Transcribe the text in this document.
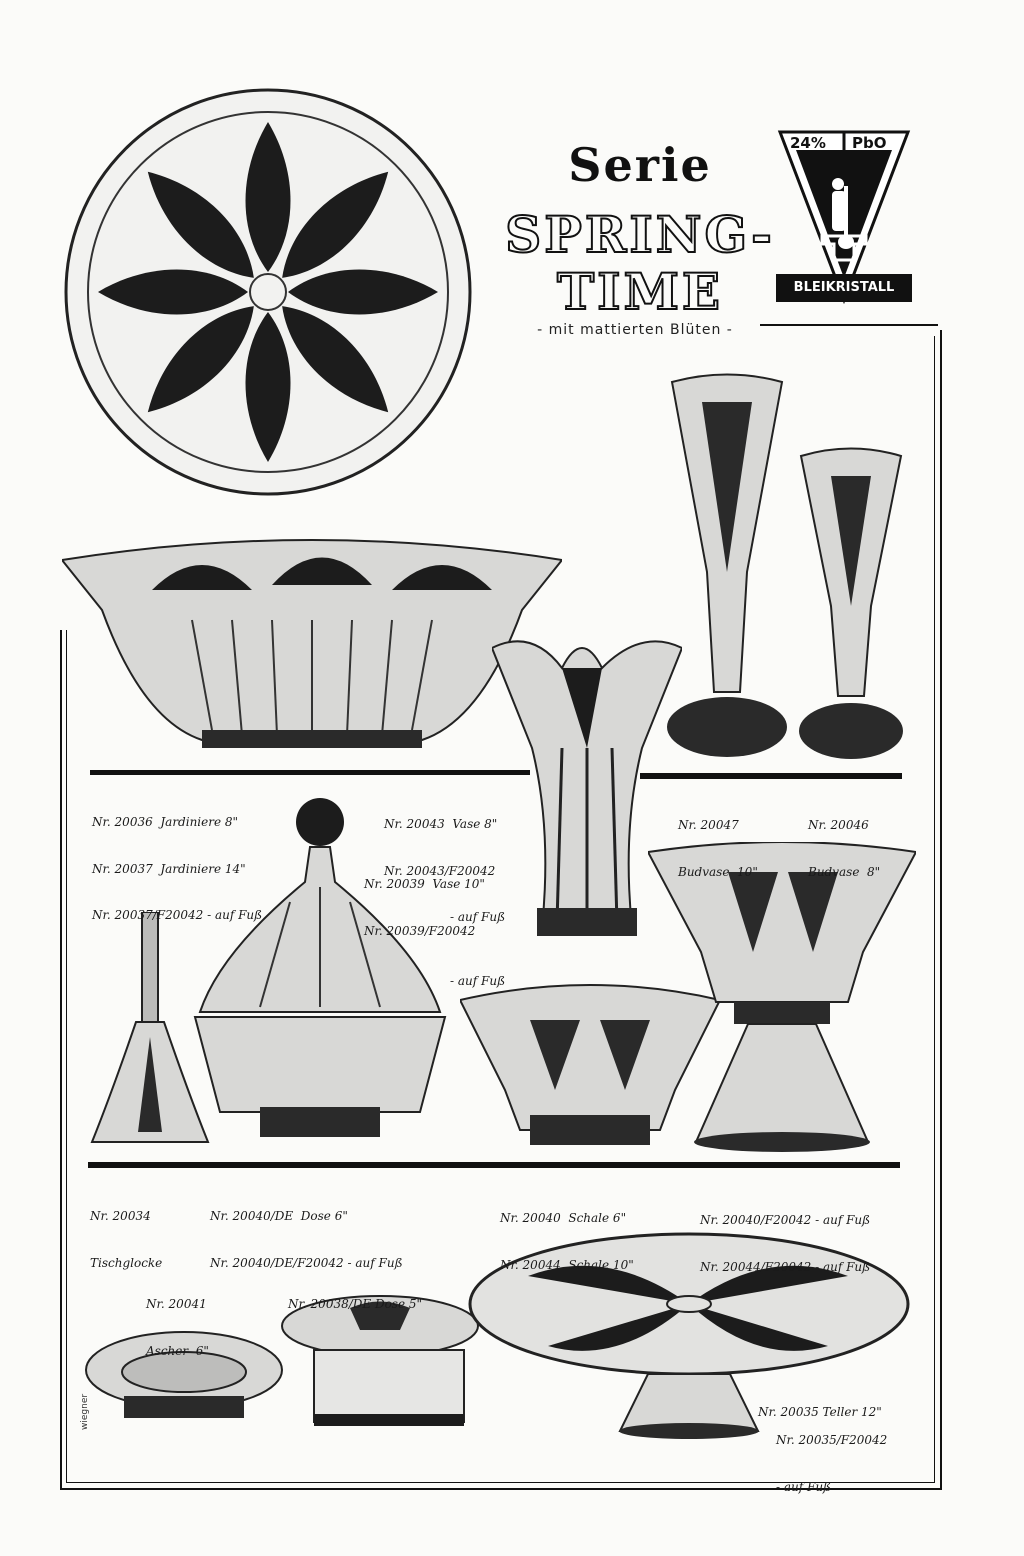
Serie
SPRING-
TIME
- mit mattierten Blüten -
24% PbO
BLEIKRISTALL

Nr. 20036  Jardiniere 8"

Nr. 20037  Jardiniere 14"

Nr. 20037/F20042 - auf Fuß

Nr. 20043  Vase 8"

Nr. 20043/F20042

- auf Fuß

Nr. 20039  Vase 10"

Nr. 20039/F20042

- auf Fuß

Nr. 20047

Budvase  10"

Nr. 20046

Budvase  8"

Nr. 20034

Tischglocke

Nr. 20040/DE  Dose 6"

Nr. 20040/DE/F20042 - auf Fuß

Nr. 20040  Schale 6"

Nr. 20044  Schale 10"

Nr. 20040/F20042 - auf Fuß

Nr. 20044/F20042 - auf Fuß

Nr. 20041

Ascher  6"

Nr. 20038/DE Dose 5"

Nr. 20035 Teller 12"

Nr. 20035/F20042

- auf Fuß

wiegner
